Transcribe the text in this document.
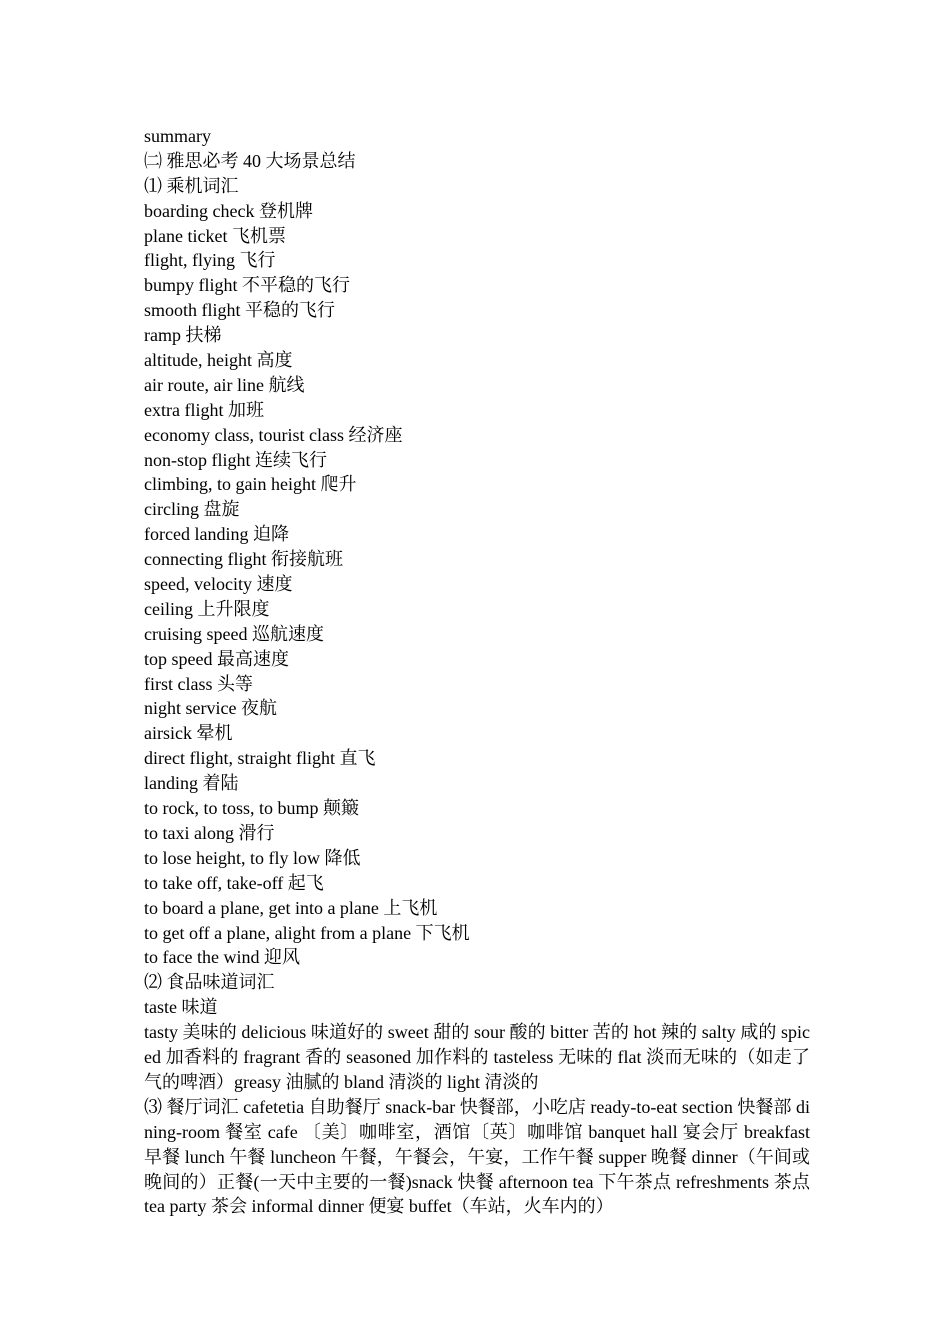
summary
㈡ 雅思必考 40 大场景总结
⑴ 乘机词汇
boarding check 登机牌
plane ticket 飞机票
flight, flying 飞行
bumpy flight 不平稳的飞行
smooth flight 平稳的飞行
ramp 扶梯
altitude, height 高度
air route, air line 航线
extra flight 加班
economy class, tourist class 经济座
non-stop flight 连续飞行
climbing, to gain height 爬升
circling 盘旋
forced landing 迫降
connecting flight 衔接航班
speed, velocity 速度
ceiling 上升限度
cruising speed 巡航速度
top speed 最高速度
first class 头等
night service 夜航
airsick 晕机
direct flight, straight flight 直飞
landing 着陆
to rock, to toss, to bump 颠簸
to taxi along 滑行
to lose height, to fly low 降低
to take off, take-off 起飞
to board a plane, get into a plane 上飞机
to get off a plane, alight from a plane 下飞机
to face the wind 迎风
⑵ 食品味道词汇
taste 味道
tasty 美味的 delicious 味道好的 sweet 甜的 sour 酸的 bitter 苦的 hot 辣的 salty 咸的 spiced 加香料的 fragrant 香的 seasoned 加作料的 tasteless 无味的 flat 淡而无味的（如走了气的啤酒）greasy 油腻的 bland 清淡的 light 清淡的
⑶ 餐厅词汇 cafetetia 自助餐厅 snack-bar 快餐部，小吃店 ready-to-eat section 快餐部 dining-room 餐室 cafe 〔美〕咖啡室，酒馆〔英〕咖啡馆 banquet hall 宴会厅 breakfast 早餐 lunch 午餐 luncheon 午餐，午餐会，午宴，工作午餐 supper 晚餐 dinner（午间或晚间的）正餐(一天中主要的一餐)snack 快餐 afternoon tea 下午茶点 refreshments 茶点 tea party 茶会 informal dinner 便宴 buffet（车站，火车内的）
